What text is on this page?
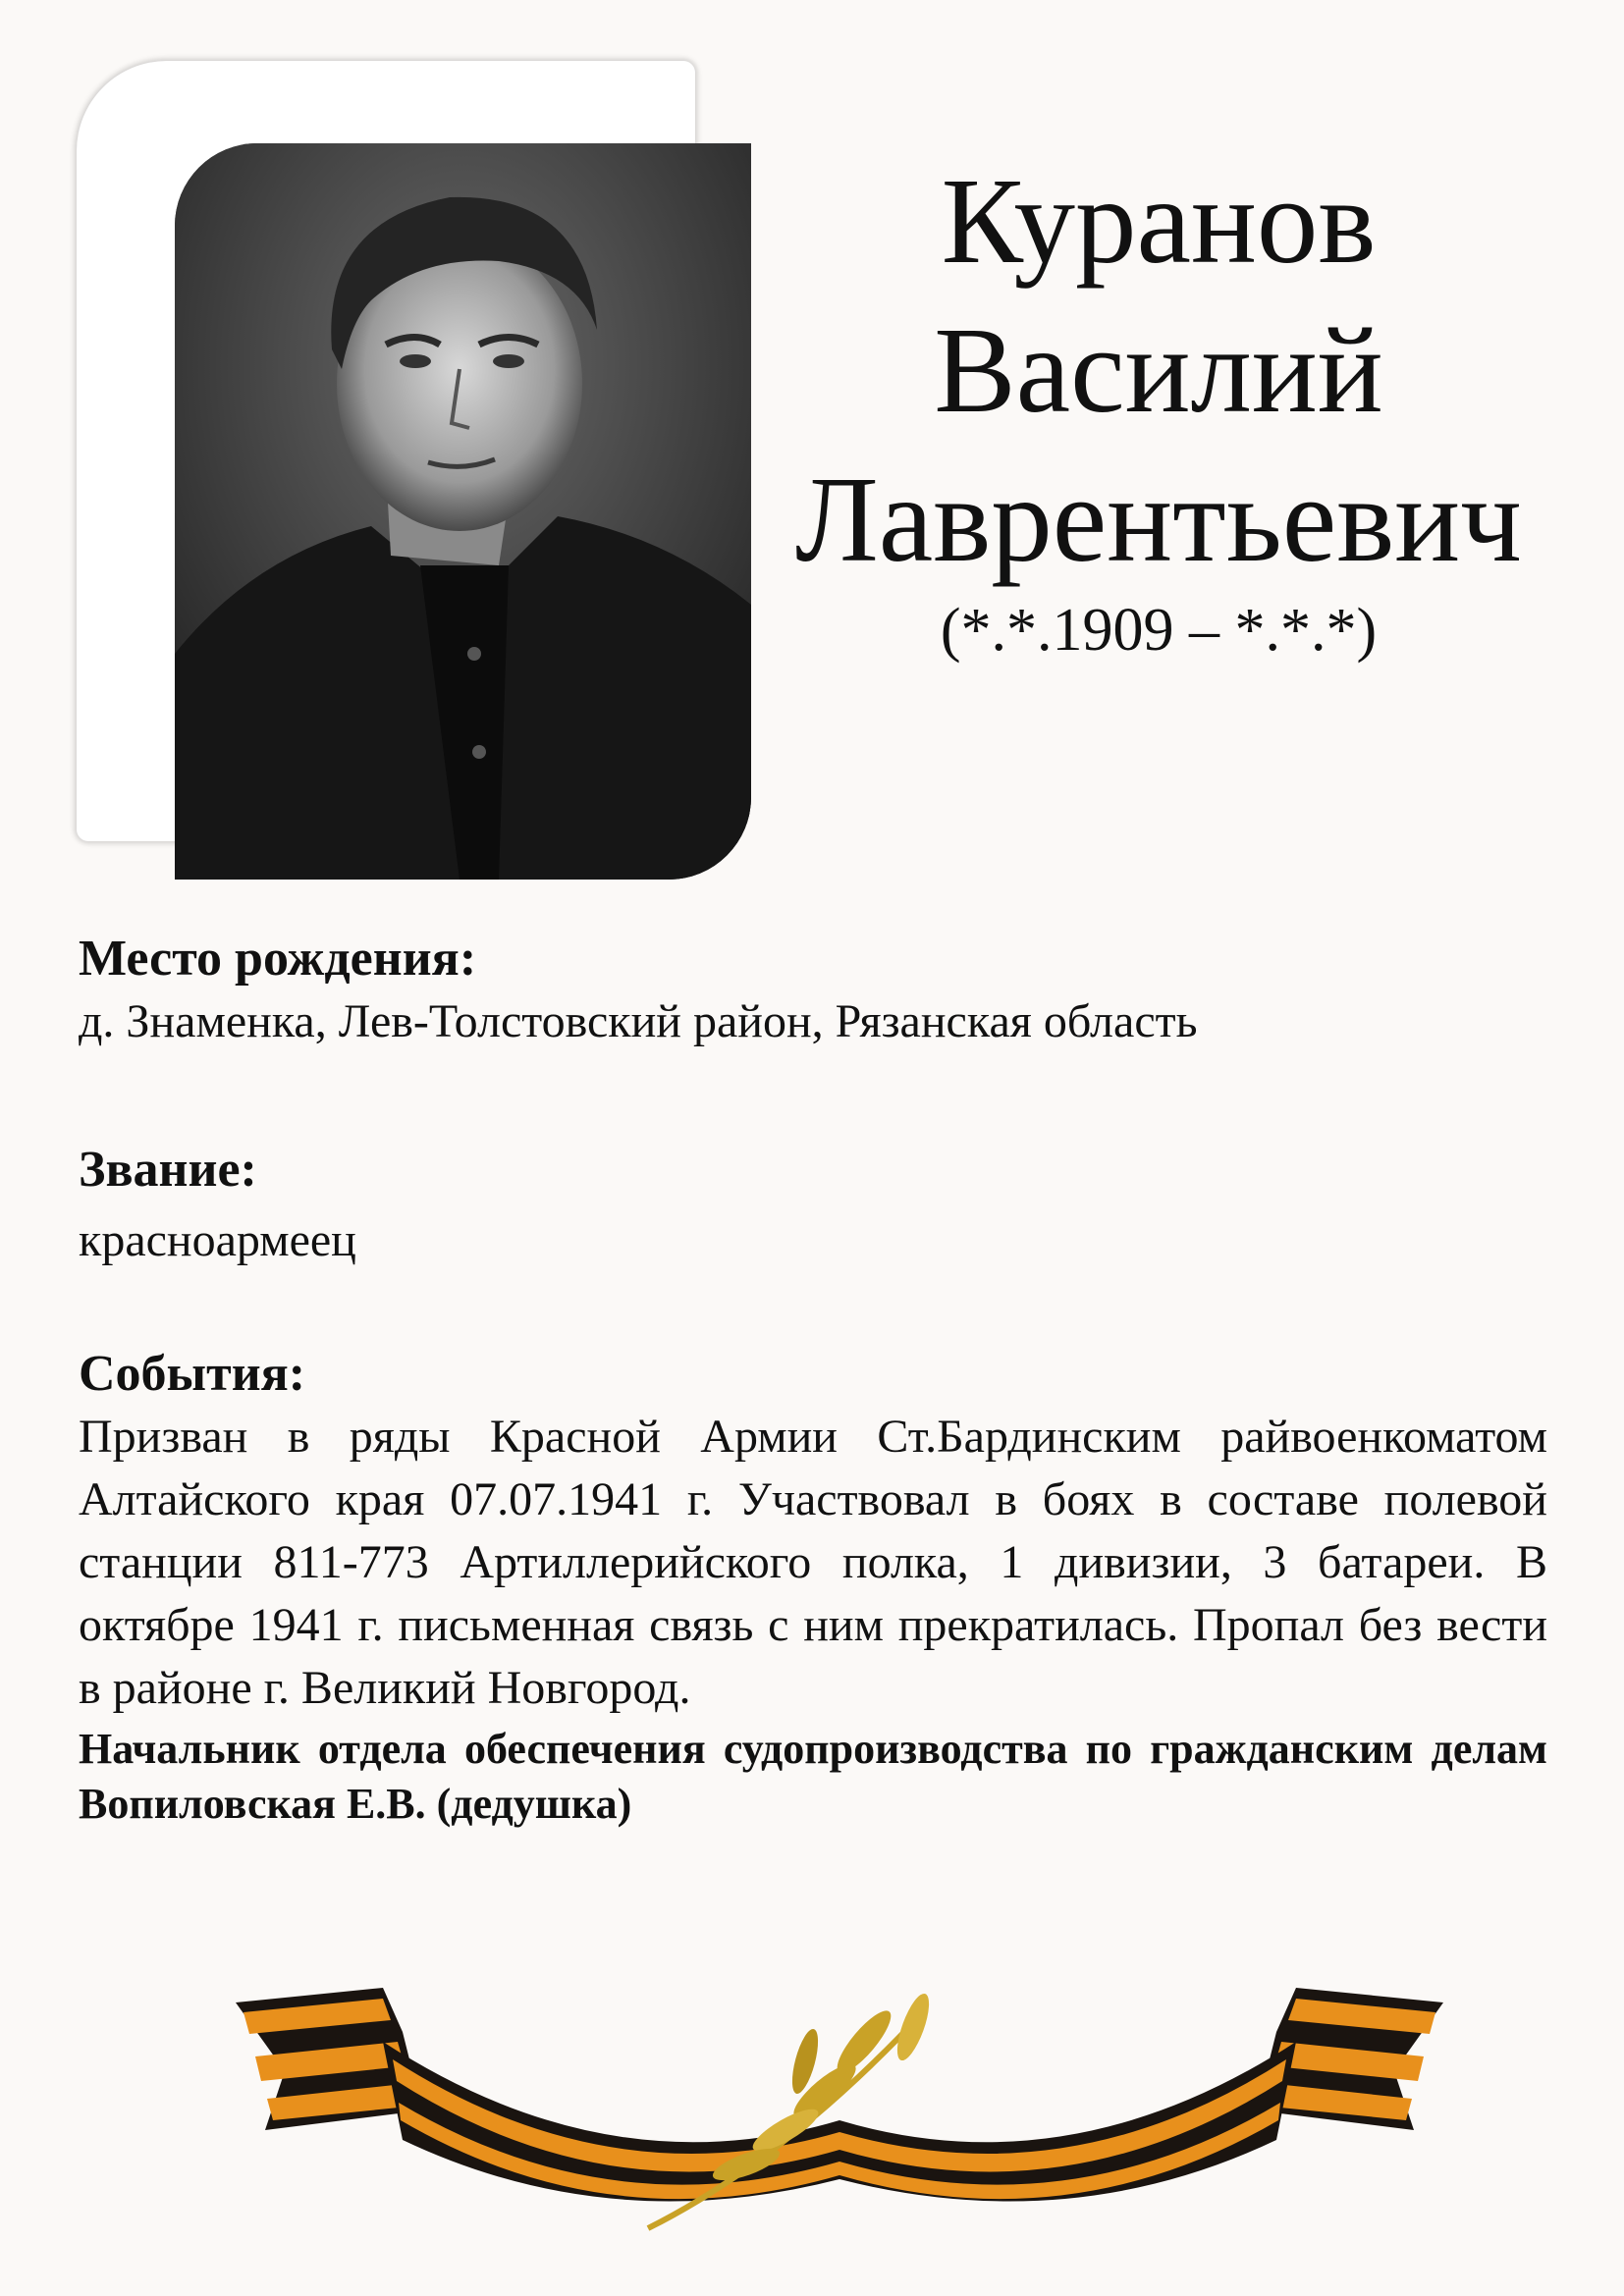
Куранов
Василий
Лаврентьевич
(*.*.1909 – *.*.*)
Место рождения:
д. Знаменка, Лев-Толстовский район, Рязанская область
Звание:
красноармеец
События:
Призван в ряды Красной Армии Ст.Бардинским райвоенкоматом Алтайского края 07.07.1941 г. Участвовал в боях в составе полевой станции 811-773 Артиллерийского полка, 1 дивизии, 3 батареи. В октябре 1941 г. письменная связь с ним прекратилась. Пропал без вести в районе г. Великий Новгород.
Начальник отдела обеспечения судопроизводства по гражданским делам Вопиловская Е.В. (дедушка)
